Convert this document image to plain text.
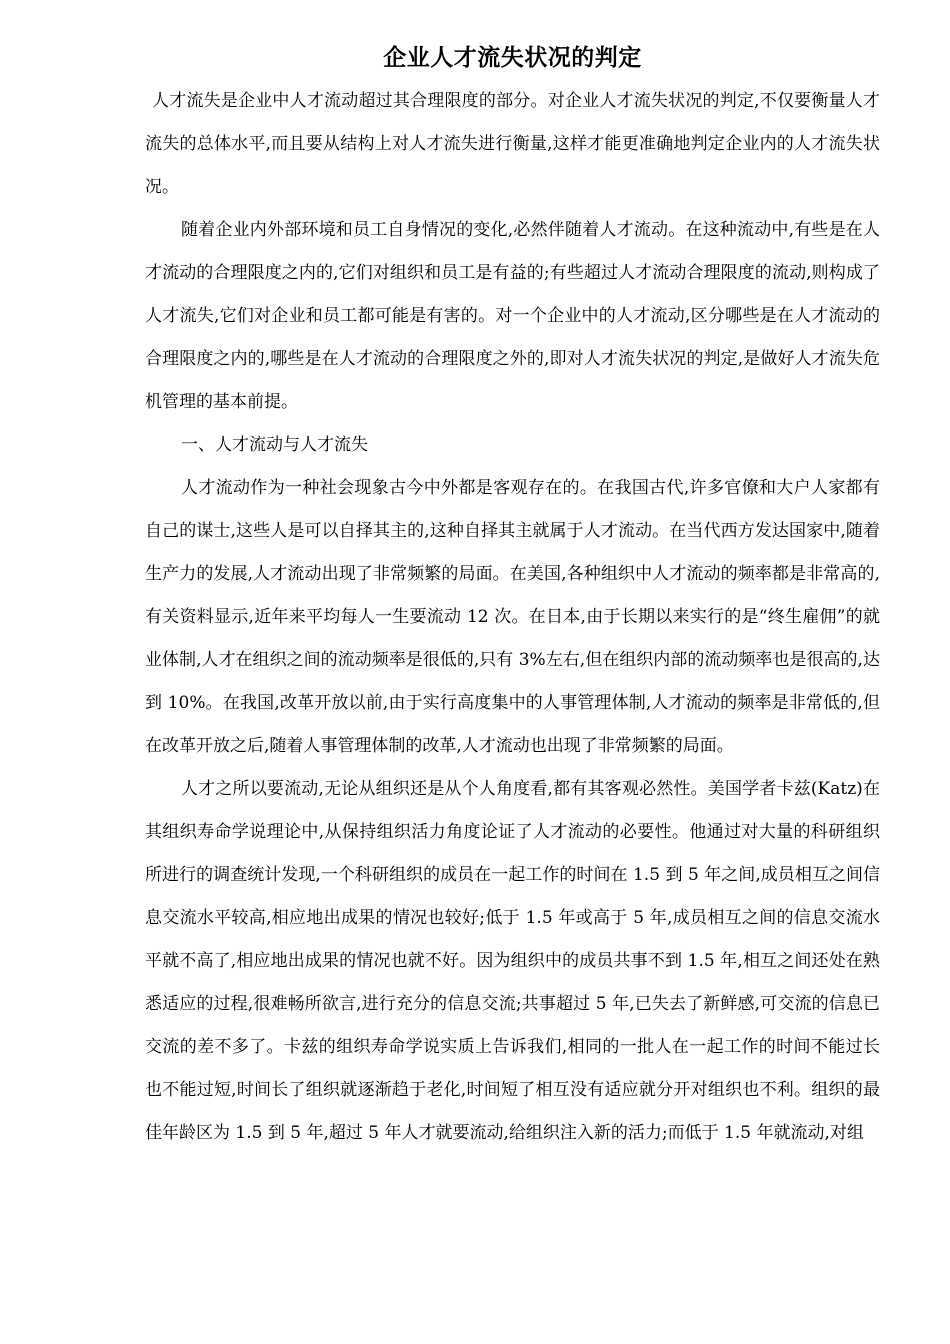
企业人才流失状况的判定

人才流失是企业中人才流动超过其合理限度的部分。对企业人才流失状况的判定,不仅要衡量人才流失的总体水平,而且要从结构上对人才流失进行衡量,这样才能更准确地判定企业内的人才流失状况。

随着企业内外部环境和员工自身情况的变化,必然伴随着人才流动。在这种流动中,有些是在人才流动的合理限度之内的,它们对组织和员工是有益的;有些超过人才流动合理限度的流动,则构成了人才流失,它们对企业和员工都可能是有害的。对一个企业中的人才流动,区分哪些是在人才流动的合理限度之内的,哪些是在人才流动的合理限度之外的,即对人才流失状况的判定,是做好人才流失危机管理的基本前提。

一、人才流动与人才流失

人才流动作为一种社会现象古今中外都是客观存在的。在我国古代,许多官僚和大户人家都有自己的谋士,这些人是可以自择其主的,这种自择其主就属于人才流动。在当代西方发达国家中,随着生产力的发展,人才流动出现了非常频繁的局面。在美国,各种组织中人才流动的频率都是非常高的,有关资料显示,近年来平均每人一生要流动 12 次。在日本,由于长期以来实行的是“终生雇佣”的就业体制,人才在组织之间的流动频率是很低的,只有 3%左右,但在组织内部的流动频率也是很高的,达到 10%。在我国,改革开放以前,由于实行高度集中的人事管理体制,人才流动的频率是非常低的,但在改革开放之后,随着人事管理体制的改革,人才流动也出现了非常频繁的局面。

人才之所以要流动,无论从组织还是从个人角度看,都有其客观必然性。美国学者卡兹(Katz)在其组织寿命学说理论中,从保持组织活力角度论证了人才流动的必要性。他通过对大量的科研组织所进行的调查统计发现,一个科研组织的成员在一起工作的时间在 1.5 到 5 年之间,成员相互之间信息交流水平较高,相应地出成果的情况也较好;低于 1.5 年或高于 5 年,成员相互之间的信息交流水平就不高了,相应地出成果的情况也就不好。因为组织中的成员共事不到 1.5 年,相互之间还处在熟悉适应的过程,很难畅所欲言,进行充分的信息交流;共事超过 5 年,已失去了新鲜感,可交流的信息已交流的差不多了。卡兹的组织寿命学说实质上告诉我们,相同的一批人在一起工作的时间不能过长也不能过短,时间长了组织就逐渐趋于老化,时间短了相互没有适应就分开对组织也不利。组织的最佳年龄区为 1.5 到 5 年,超过 5 年人才就要流动,给组织注入新的活力;而低于 1.5 年就流动,对组
